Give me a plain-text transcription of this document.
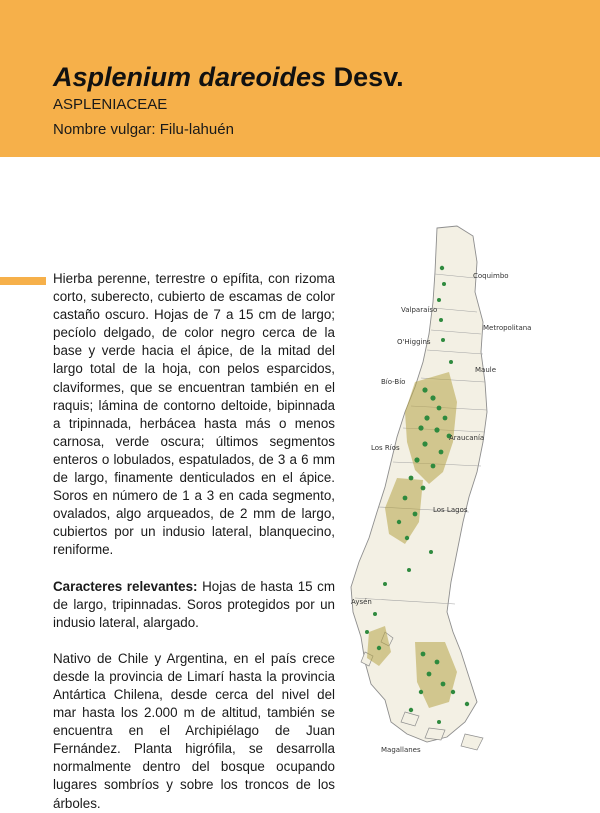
Asplenium dareoides Desv.
ASPLENIACEAE
Nombre vulgar: Filu-lahuén

Hierba perenne, terrestre o epífita, con rizoma corto, suberecto, cubierto de escamas de color castaño oscuro. Hojas de 7 a 15 cm de largo; pecíolo delgado, de color negro cerca de la base y verde hacia el ápice, de la mitad del largo total de la hoja, con pelos esparcidos, claviformes, que se encuentran también en el raquis; lámina de contorno deltoide, bipinnada a tripinnada, herbácea hasta más o menos carnosa, verde oscura; últimos segmentos enteros o lobulados, espatulados, de 3 a 6 mm de largo, finamente denticulados en el ápice. Soros en número de 1 a 3 en cada segmento, ovalados, algo arqueados, de 2 mm de largo, cubiertos por un indusio lateral, blanquecino, reniforme.

Caracteres relevantes: Hojas de hasta 15 cm de largo, tripinnadas. Soros protegidos por un indusio lateral, alargado.

Nativo de Chile y Argentina, en el país crece desde la provincia de Limarí hasta la provincia Antártica Chilena, desde cerca del nivel del mar hasta los 2.000 m de altitud, también se encuentra en el Archipiélago de Juan Fernández. Planta higrófila, se desarrolla normalmente dentro del bosque ocupando lugares sombríos y sobre los troncos de los árboles.

Coquimbo
Valparaíso
Metropolitana
O'Higgins
Maule
Bío-Bío
Araucanía
Los Ríos
Los Lagos
Aysén
Magallanes
